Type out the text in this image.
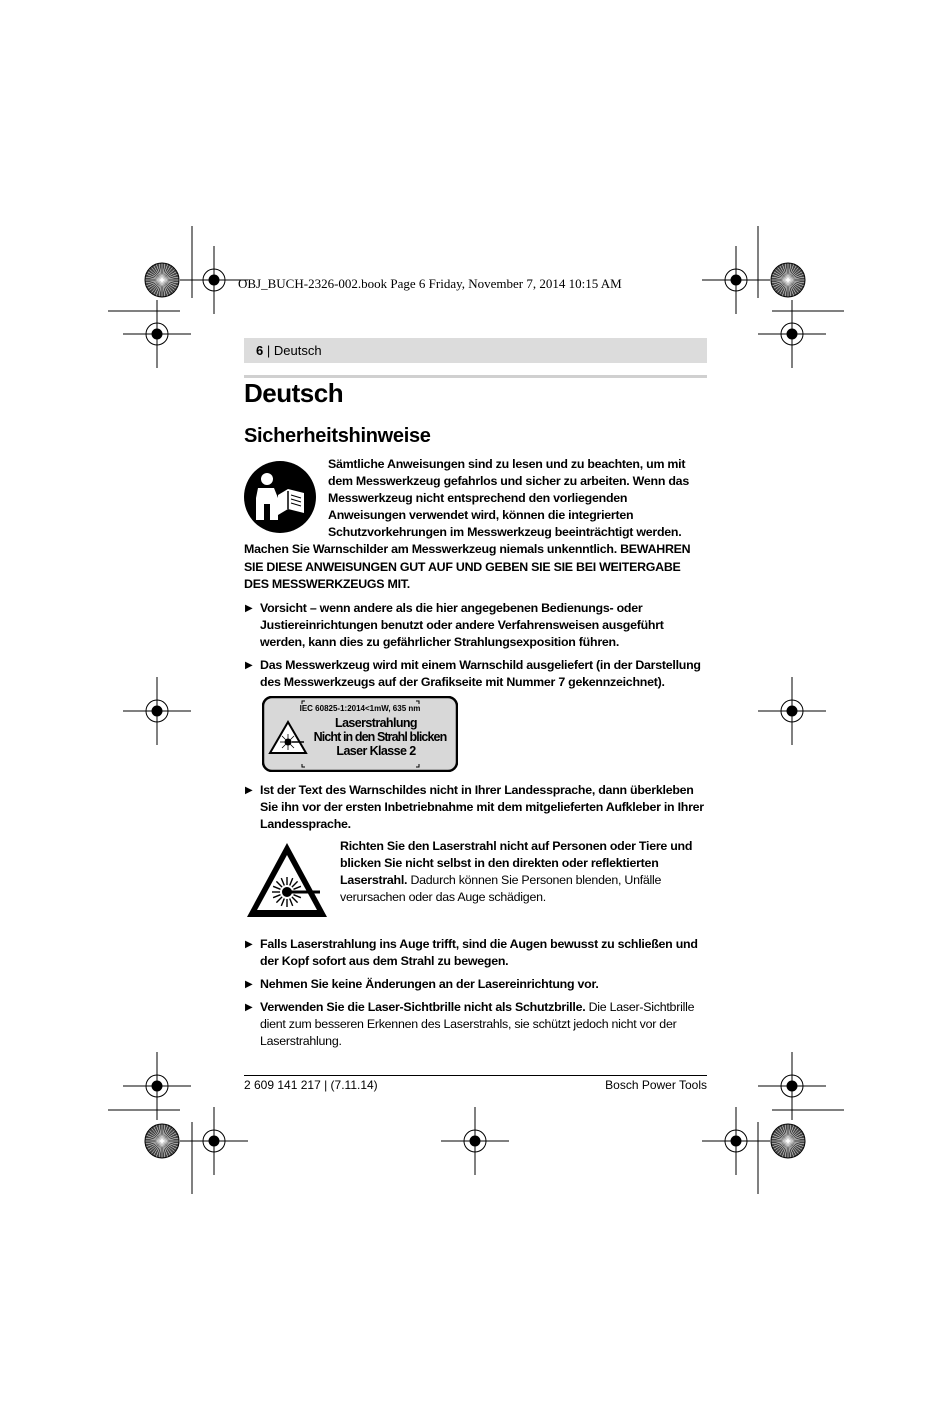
OBJ_BUCH-2326-002.book Page 6 Friday, November 7, 2014 10:15 AM
6 | Deutsch
Deutsch
Sicherheitshinweise
Sämtliche Anweisungen sind zu lesen und zu beachten, um mit dem Messwerkzeug gefahrlos und sicher zu arbeiten. Wenn das Messwerkzeug nicht entsprechend den vorliegenden Anweisungen verwendet wird, können die integrierten Schutzvorkehrungen im Messwerkzeug beeinträchtigt werden. Machen Sie Warnschilder am Messwerkzeug niemals unkenntlich. BEWAHREN SIE DIESE ANWEISUNGEN GUT AUF UND GEBEN SIE SIE BEI WEITERGABE DES MESSWERKZEUGS MIT.
▶ Vorsicht – wenn andere als die hier angegebenen Bedienungs- oder Justiereinrichtungen benutzt oder andere Verfahrensweisen ausgeführt werden, kann dies zu gefährlicher Strahlungsexposition führen.
▶ Das Messwerkzeug wird mit einem Warnschild ausgeliefert (in der Darstellung des Messwerkzeugs auf der Grafikseite mit Nummer 7 gekennzeichnet).
IEC 60825-1:2014<1mW, 635 nm
Laserstrahlung
Nicht in den Strahl blicken
Laser Klasse 2
▶ Ist der Text des Warnschildes nicht in Ihrer Landessprache, dann überkleben Sie ihn vor der ersten Inbetriebnahme mit dem mitgelieferten Aufkleber in Ihrer Landessprache.
Richten Sie den Laserstrahl nicht auf Personen oder Tiere und blicken Sie nicht selbst in den direkten oder reflektierten Laserstrahl. Dadurch können Sie Personen blenden, Unfälle verursachen oder das Auge schädigen.
▶ Falls Laserstrahlung ins Auge trifft, sind die Augen bewusst zu schließen und der Kopf sofort aus dem Strahl zu bewegen.
▶ Nehmen Sie keine Änderungen an der Lasereinrichtung vor.
▶ Verwenden Sie die Laser-Sichtbrille nicht als Schutzbrille. Die Laser-Sichtbrille dient zum besseren Erkennen des Laserstrahls, sie schützt jedoch nicht vor der Laserstrahlung.
2 609 141 217 | (7.11.14)	Bosch Power Tools
